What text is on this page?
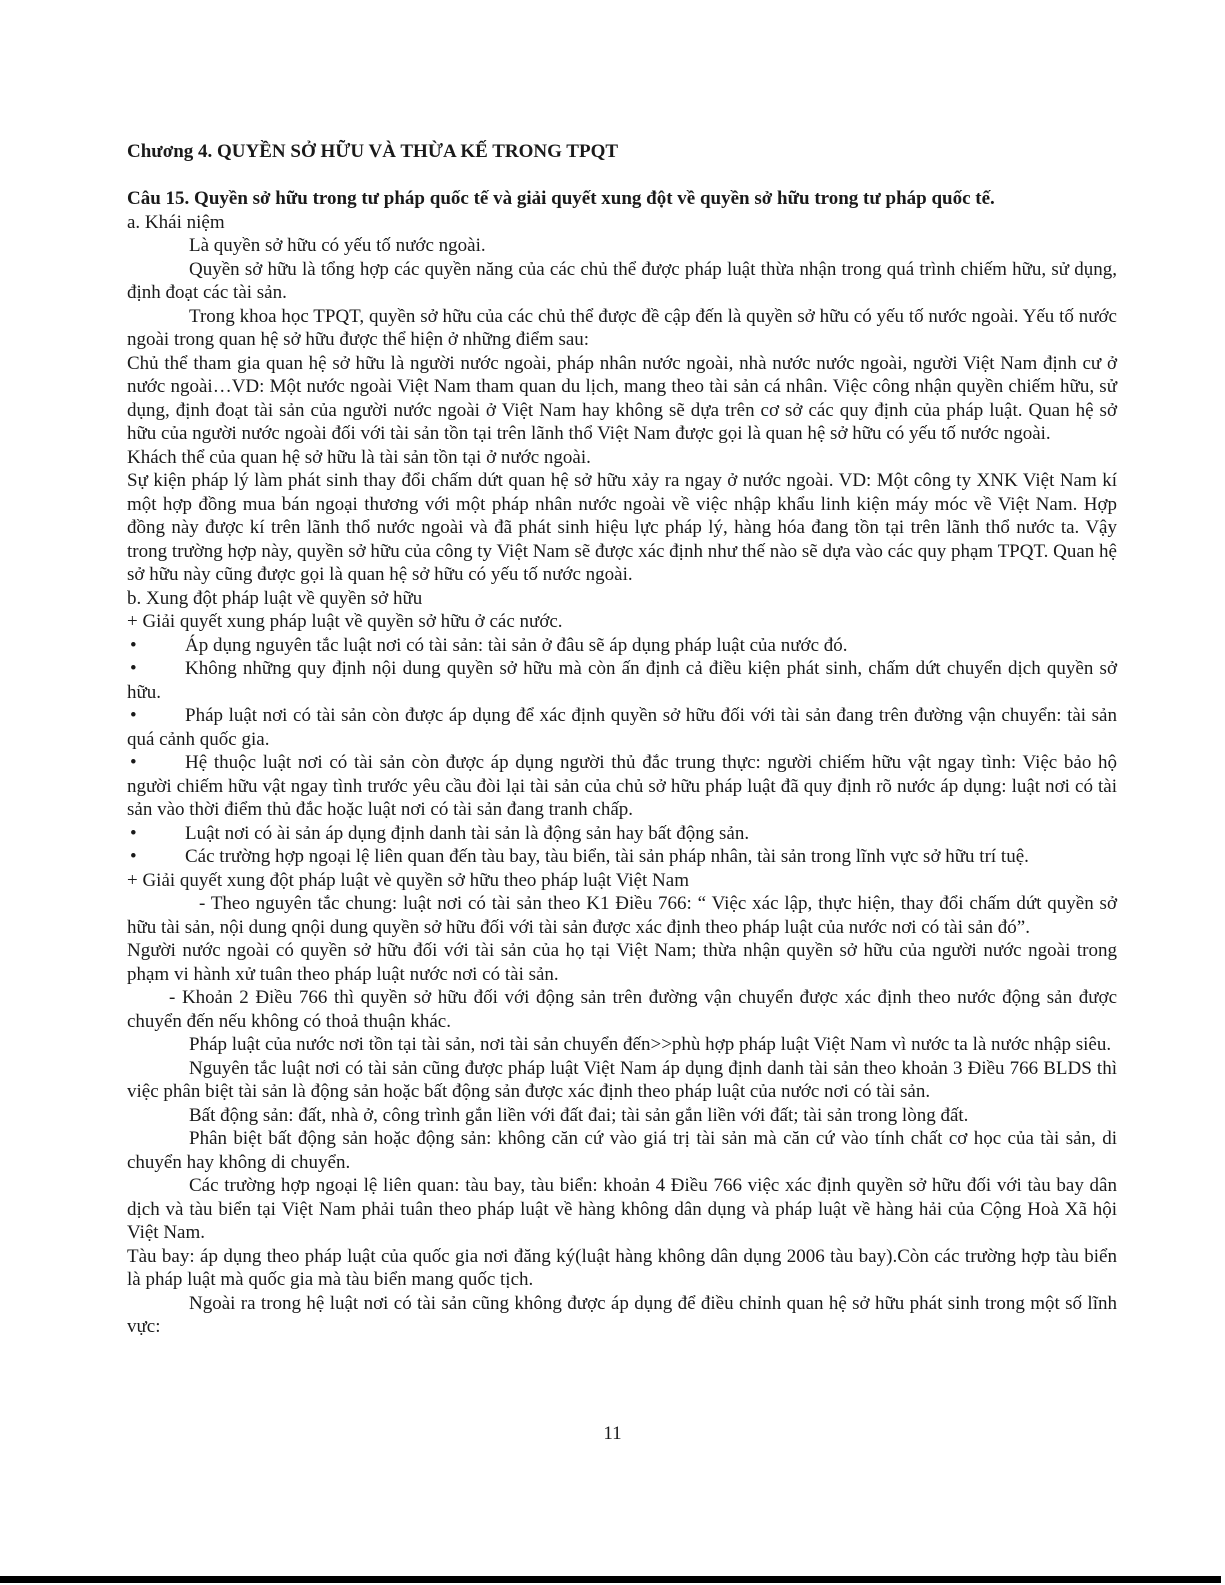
Chương 4. QUYỀN SỞ HỮU VÀ THỪA KẾ TRONG TPQT

Câu 15. Quyền sở hữu trong tư pháp quốc tế và giải quyết xung đột về quyền sở hữu trong tư pháp quốc tế.

a. Khái niệm

Là quyền sở hữu có yếu tố nước ngoài.

Quyền sở hữu là tổng hợp các quyền năng của các chủ thể được pháp luật thừa nhận trong quá trình chiếm hữu, sử dụng, định đoạt các tài sản.

Trong khoa học TPQT, quyền sở hữu của các chủ thể được đề cập đến là quyền sở hữu có yếu tố nước ngoài. Yếu tố nước ngoài trong quan hệ sở hữu được thể hiện ở những điểm sau:

Chủ thể tham gia quan hệ sở hữu là người nước ngoài, pháp nhân nước ngoài, nhà nước nước ngoài, người Việt Nam định cư ở nước ngoài…VD: Một nước ngoài Việt Nam tham quan du lịch, mang theo tài sản cá nhân. Việc công nhận quyền chiếm hữu, sử dụng, định đoạt tài sản của người nước ngoài ở Việt Nam hay không sẽ dựa trên cơ sở các quy định của pháp luật. Quan hệ sở hữu của người nước ngoài đối với tài sản tồn tại trên lãnh thổ Việt Nam được gọi là quan hệ sở hữu có yếu tố nước ngoài.

Khách thể của quan hệ sở hữu là tài sản tồn tại ở nước ngoài.

Sự kiện pháp lý làm phát sinh thay đổi chấm dứt quan hệ sở hữu xảy ra ngay ở nước ngoài. VD: Một công ty XNK Việt Nam kí một hợp đồng mua bán ngoại thương với một pháp nhân nước ngoài về việc nhập khẩu linh kiện máy móc về Việt Nam. Hợp đồng này được kí trên lãnh thổ nước ngoài và đã phát sinh hiệu lực pháp lý, hàng hóa đang tồn tại trên lãnh thổ nước ta. Vậy trong trường hợp này, quyền sở hữu của công ty Việt Nam sẽ được xác định như thế nào sẽ dựa vào các quy phạm TPQT. Quan hệ sở hữu này cũng được gọi là quan hệ sở hữu có yếu tố nước ngoài.

b. Xung đột pháp luật về quyền sở hữu

+ Giải quyết xung pháp luật về quyền sở hữu ở các nước.

•	Áp dụng nguyên tắc luật nơi có tài sản: tài sản ở đâu sẽ áp dụng pháp luật của nước đó.

•	Không những quy định nội dung quyền sở hữu mà còn ấn định cả điều kiện phát sinh, chấm dứt chuyển dịch quyền sở hữu.

•	Pháp luật nơi có tài sản còn được áp dụng để xác định quyền sở hữu đối với tài sản đang trên đường vận chuyển: tài sản quá cảnh quốc gia.

•	Hệ thuộc luật nơi có tài sản còn được áp dụng người thủ đắc trung thực: người chiếm hữu vật ngay tình: Việc bảo hộ người chiếm hữu vật ngay tình trước yêu cầu đòi lại tài sản của chủ sở hữu pháp luật đã quy định rõ nước áp dụng: luật nơi có tài sản vào thời điểm thủ đắc hoặc luật nơi có tài sản đang tranh chấp.

•	Luật nơi có ài sản áp dụng định danh tài sản là động sản hay bất động sản.

•	Các trường hợp ngoại lệ liên quan đến tàu bay, tàu biển, tài sản pháp nhân, tài sản trong lĩnh vực sở hữu trí tuệ.

+ Giải quyết xung đột pháp luật vè quyền sở hữu theo pháp luật Việt Nam

- Theo nguyên tắc chung: luật nơi có tài sản theo K1 Điều 766: “ Việc xác lập, thực hiện, thay đổi chấm dứt quyền sở hữu tài sản, nội dung qnội dung quyền sở hữu đối với tài sản được xác định theo pháp luật của nước nơi có tài sản đó”.

Người nước ngoài có quyền sở hữu đối với tài sản của họ tại Việt Nam; thừa nhận quyền sở hữu của người nước ngoài trong phạm vi hành xử tuân theo pháp luật nước nơi có tài sản.

- Khoản 2 Điều 766 thì quyền sở hữu đối với động sản trên đường vận chuyển được xác định theo nước động sản được chuyển đến nếu không có thoả thuận khác.

Pháp luật của nước nơi tồn tại tài sản, nơi tài sản chuyển đến>>phù hợp pháp luật Việt Nam vì nước ta là nước nhập siêu.

Nguyên tắc luật nơi có tài sản cũng được pháp luật Việt Nam áp dụng định danh tài sản theo khoản 3 Điều 766 BLDS thì việc phân biệt tài sản là động sản hoặc bất động sản được xác định theo pháp luật của nước nơi có tài sản.

Bất động sản: đất, nhà ở, công trình gắn liền với đất đai; tài sản gắn liền với đất; tài sản trong lòng đất.

Phân biệt bất động sản hoặc động sản: không căn cứ vào giá trị tài sản mà căn cứ vào tính chất cơ học của tài sản, di chuyển hay không di chuyển.

Các trường hợp ngoại lệ liên quan: tàu bay, tàu biển: khoản 4 Điều 766 việc xác định quyền sở hữu đối với tàu bay dân dịch và tàu biển tại Việt Nam phải tuân theo pháp luật về hàng không dân dụng và pháp luật về hàng hải của Cộng Hoà Xã hội Việt Nam.

Tàu bay: áp dụng theo pháp luật của quốc gia nơi đăng ký(luật hàng không dân dụng 2006 tàu bay).Còn các trường hợp tàu biển là pháp luật mà quốc gia mà tàu biển mang quốc tịch.

Ngoài ra trong hệ luật nơi có tài sản cũng không được áp dụng để điều chỉnh quan hệ sở hữu phát sinh trong một số lĩnh vực:

11
